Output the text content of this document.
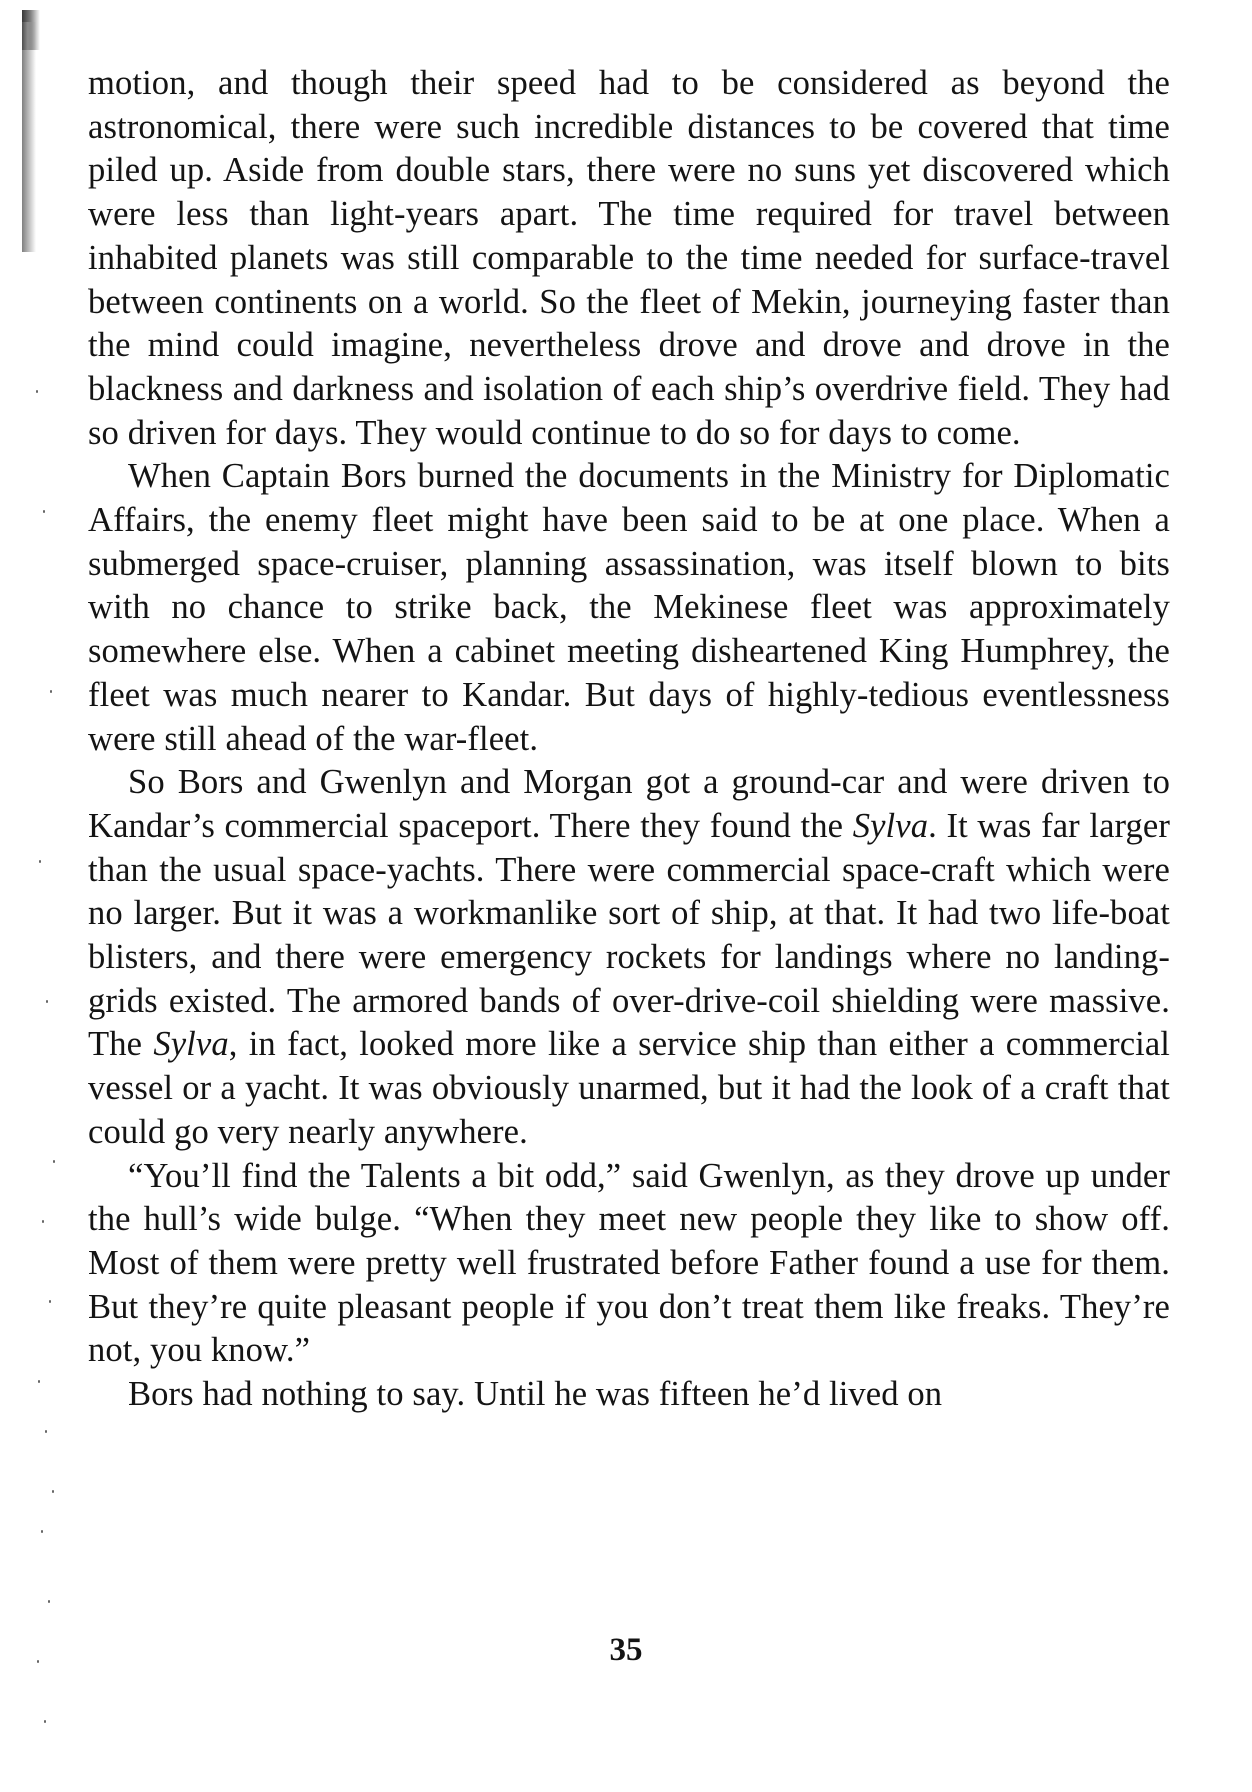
motion, and though their speed had to be considered as beyond the astronomical, there were such incredible distances to be covered that time piled up. Aside from double stars, there were no suns yet discovered which were less than light-years apart. The time required for travel between inhabited planets was still comparable to the time needed for surface-travel between continents on a world. So the fleet of Mekin, journeying faster than the mind could imagine, nevertheless drove and drove and drove in the blackness and darkness and isolation of each ship’s overdrive field. They had so driven for days. They would continue to do so for days to come.

When Captain Bors burned the documents in the Ministry for Diplomatic Affairs, the enemy fleet might have been said to be at one place. When a submerged space-cruiser, planning assassination, was itself blown to bits with no chance to strike back, the Mekinese fleet was approximately somewhere else. When a cabinet meeting disheartened King Humphrey, the fleet was much nearer to Kandar. But days of highly-tedious eventlessness were still ahead of the war-fleet.

So Bors and Gwenlyn and Morgan got a ground-car and were driven to Kandar’s commercial spaceport. There they found the Sylva. It was far larger than the usual space-yachts. There were commercial space-craft which were no larger. But it was a workmanlike sort of ship, at that. It had two life-boat blisters, and there were emergency rockets for landings where no landing-grids existed. The armored bands of over-drive-coil shielding were massive. The Sylva, in fact, looked more like a service ship than either a commercial vessel or a yacht. It was obviously unarmed, but it had the look of a craft that could go very nearly anywhere.

“You’ll find the Talents a bit odd,” said Gwenlyn, as they drove up under the hull’s wide bulge. “When they meet new people they like to show off. Most of them were pretty well frustrated before Father found a use for them. But they’re quite pleasant people if you don’t treat them like freaks. They’re not, you know.”

Bors had nothing to say. Until he was fifteen he’d lived on

35
